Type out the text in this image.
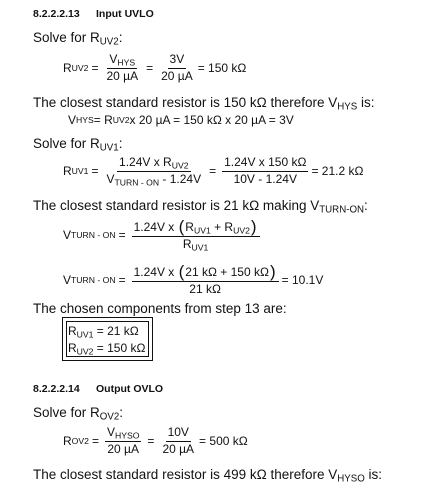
8.2.2.2.13 Input UVLO
Solve for $R_{UV2}$:
R $UV2 = \frac{V_{HYS}}{\text{20 µA}} = \frac{3V}{\text{20 µA}} = 150$ kΩ
The closest standard resistor is 150 kΩ therefore $V_{HYS}$ is:
V HYS = R UV2 x 20 µA = 150 kΩ x 20 µA = 3V
Solve for $R_{UV1}$:
R $UV1 = \frac{1.24V x R_{UV2}}{V_{TURN - ON} - 1.24V} = \frac{\text{1.24V x 150 kΩ}}{10V - 1.24V} = 21.2$ kΩ
The closest standard resistor is 21 kΩ making $V_{TURN-ON}$:
V TURN - ON = $\frac{1.24V x (R_{UV1} + R_{UV2})}{R_{UV1}}$
V TURN - ON = $\frac{\text{1.24V x (21 kΩ + 150 kΩ)}}{21 k\Omega} = 10.1V$
The chosen components from step 13 are:
$R_{UV1} = 21$ kΩ
$R_{UV2} = 150$ kΩ
8.2.2.2.14 Output OVLO
Solve for $R_{OV2}$:
R $OV2 = \frac{V_{HYSO}}{\text{20 µA}} = \frac{10V}{\text{20 µA}} = 500$ kΩ
The closest standard resistor is 499 kΩ therefore $V_{HYSO}$ is:
